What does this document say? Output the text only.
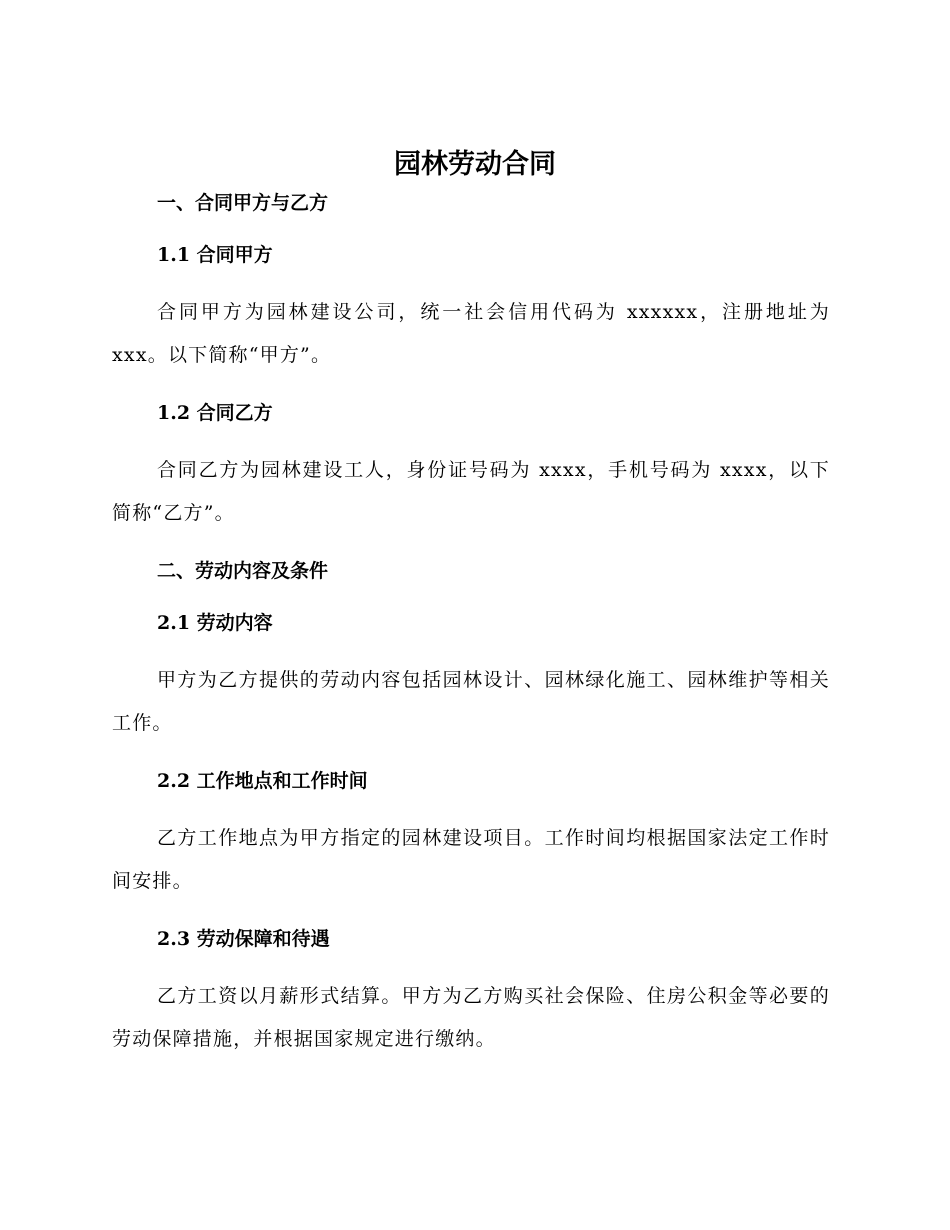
园林劳动合同
一、合同甲方与乙方
1.1 合同甲方

合同甲方为园林建设公司，统一社会信用代码为 xxxxxx，注册地址为 xxx。以下简称“甲方”。

1.2 合同乙方

合同乙方为园林建设工人，身份证号码为 xxxx，手机号码为 xxxx，以下简称“乙方”。

二、劳动内容及条件
2.1 劳动内容

甲方为乙方提供的劳动内容包括园林设计、园林绿化施工、园林维护等相关工作。

2.2 工作地点和工作时间

乙方工作地点为甲方指定的园林建设项目。工作时间均根据国家法定工作时间安排。

2.3 劳动保障和待遇

乙方工资以月薪形式结算。甲方为乙方购买社会保险、住房公积金等必要的劳动保障措施，并根据国家规定进行缴纳。
